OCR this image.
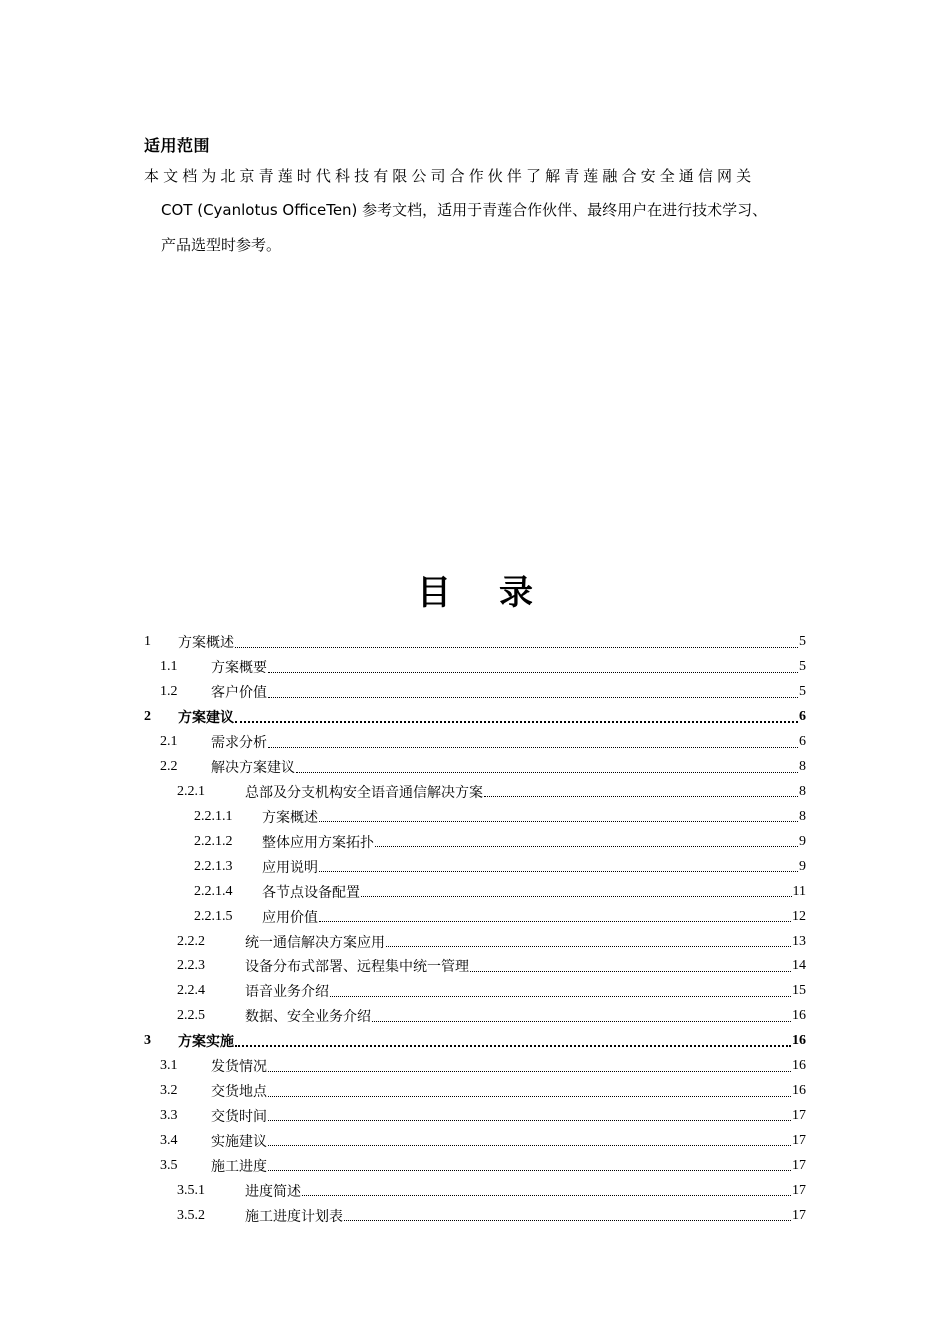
适用范围
本文档为北京青莲时代科技有限公司合作伙伴了解青莲融合安全通信网关
COT (Cyanlotus OfficeTen) 参考文档，适用于青莲合作伙伴、最终用户在进行技术学习、
产品选型时参考。
目录
1	方案概述	5
1.1	方案概要	5
1.2	客户价值	5
2	方案建议	6
2.1	需求分析	6
2.2	解决方案建议	8
2.2.1	总部及分支机构安全语音通信解决方案	8
2.2.1.1	方案概述	8
2.2.1.2	整体应用方案拓扑	9
2.2.1.3	应用说明	9
2.2.1.4	各节点设备配置	11
2.2.1.5	应用价值	12
2.2.2	统一通信解决方案应用	13
2.2.3	设备分布式部署、远程集中统一管理	14
2.2.4	语音业务介绍	15
2.2.5	数据、安全业务介绍	16
3	方案实施	16
3.1	发货情况	16
3.2	交货地点	16
3.3	交货时间	17
3.4	实施建议	17
3.5	施工进度	17
3.5.1	进度简述	17
3.5.2	施工进度计划表	17
